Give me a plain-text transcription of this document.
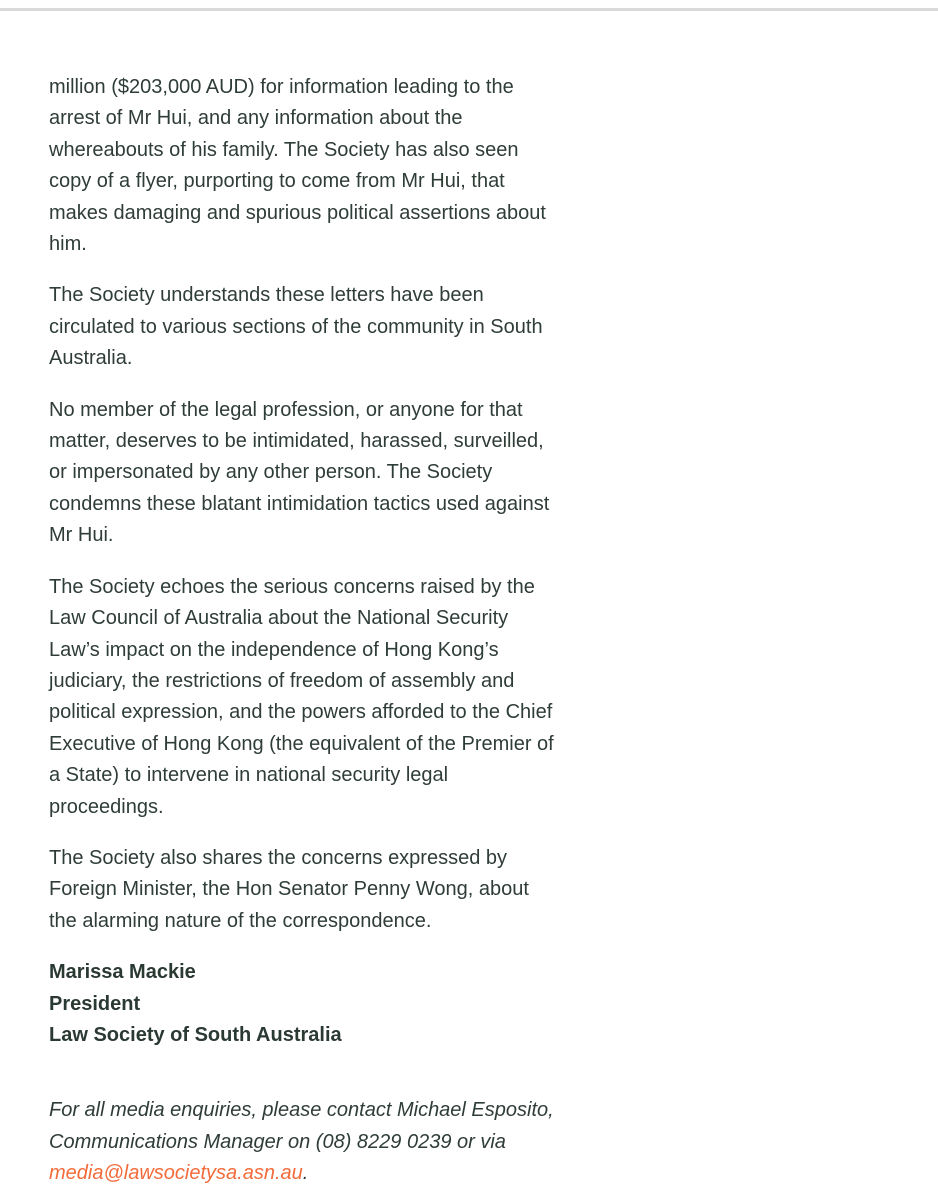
million ($203,000 AUD) for information leading to the arrest of Mr Hui, and any information about the whereabouts of his family. The Society has also seen copy of a flyer, purporting to come from Mr Hui, that makes damaging and spurious political assertions about him.

The Society understands these letters have been circulated to various sections of the community in South Australia.

No member of the legal profession, or anyone for that matter, deserves to be intimidated, harassed, surveilled, or impersonated by any other person. The Society condemns these blatant intimidation tactics used against Mr Hui.

The Society echoes the serious concerns raised by the Law Council of Australia about the National Security Law’s impact on the independence of Hong Kong’s judiciary, the restrictions of freedom of assembly and political expression, and the powers afforded to the Chief Executive of Hong Kong (the equivalent of the Premier of a State) to intervene in national security legal proceedings.

The Society also shares the concerns expressed by Foreign Minister, the Hon Senator Penny Wong, about the alarming nature of the correspondence.

Marissa Mackie
President
Law Society of South Australia
For all media enquiries, please contact Michael Esposito, Communications Manager on (08) 8229 0239 or via media@lawsocietysa.asn.au.
